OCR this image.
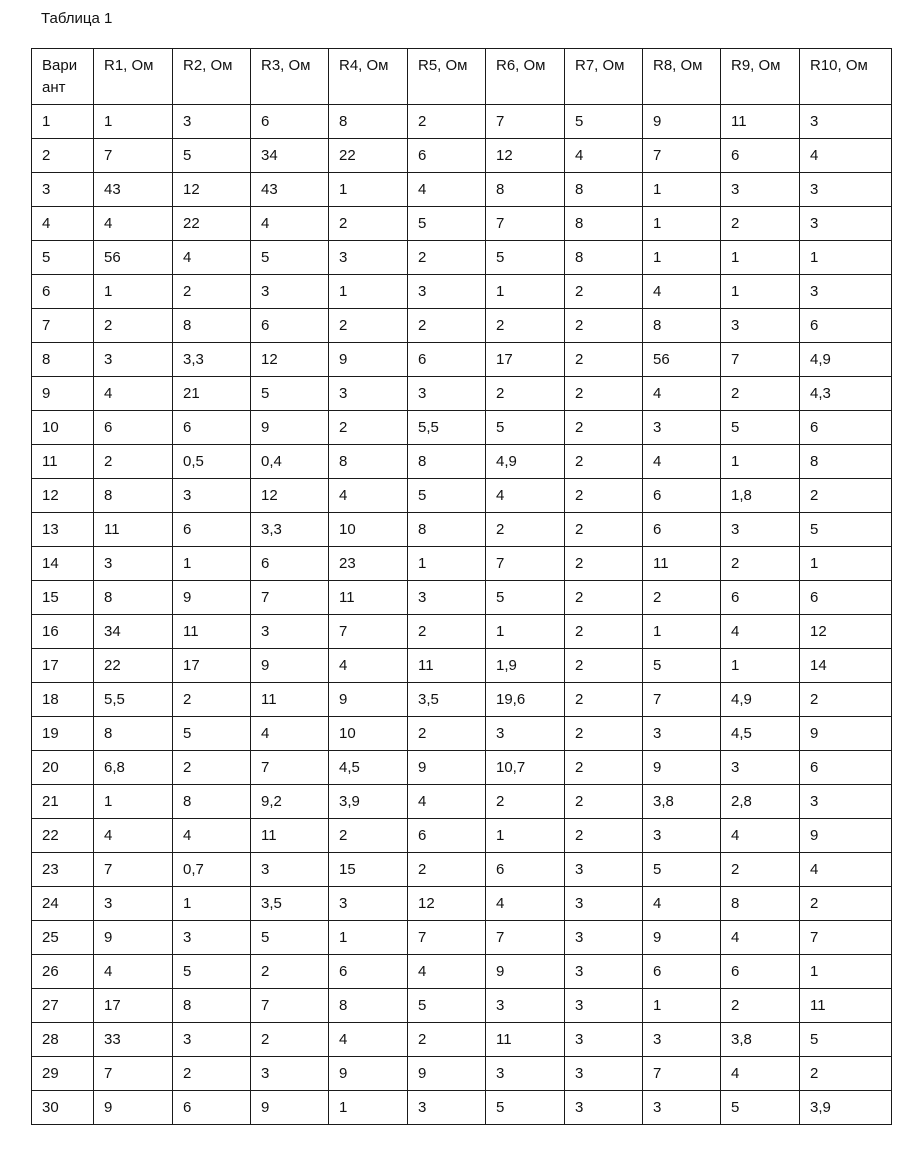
Таблица 1
Вари
ант	R1, Ом	R2, Ом	R3, Ом	R4, Ом	R5, Ом	R6, Ом	R7, Ом	R8, Ом	R9, Ом	R10, Ом
1	1	3	6	8	2	7	5	9	11	3
2	7	5	34	22	6	12	4	7	6	4
3	43	12	43	1	4	8	8	1	3	3
4	4	22	4	2	5	7	8	1	2	3
5	56	4	5	3	2	5	8	1	1	1
6	1	2	3	1	3	1	2	4	1	3
7	2	8	6	2	2	2	2	8	3	6
8	3	3,3	12	9	6	17	2	56	7	4,9
9	4	21	5	3	3	2	2	4	2	4,3
10	6	6	9	2	5,5	5	2	3	5	6
11	2	0,5	0,4	8	8	4,9	2	4	1	8
12	8	3	12	4	5	4	2	6	1,8	2
13	11	6	3,3	10	8	2	2	6	3	5
14	3	1	6	23	1	7	2	11	2	1
15	8	9	7	11	3	5	2	2	6	6
16	34	11	3	7	2	1	2	1	4	12
17	22	17	9	4	11	1,9	2	5	1	14
18	5,5	2	11	9	3,5	19,6	2	7	4,9	2
19	8	5	4	10	2	3	2	3	4,5	9
20	6,8	2	7	4,5	9	10,7	2	9	3	6
21	1	8	9,2	3,9	4	2	2	3,8	2,8	3
22	4	4	11	2	6	1	2	3	4	9
23	7	0,7	3	15	2	6	3	5	2	4
24	3	1	3,5	3	12	4	3	4	8	2
25	9	3	5	1	7	7	3	9	4	7
26	4	5	2	6	4	9	3	6	6	1
27	17	8	7	8	5	3	3	1	2	11
28	33	3	2	4	2	11	3	3	3,8	5
29	7	2	3	9	9	3	3	7	4	2
30	9	6	9	1	3	5	3	3	5	3,9
